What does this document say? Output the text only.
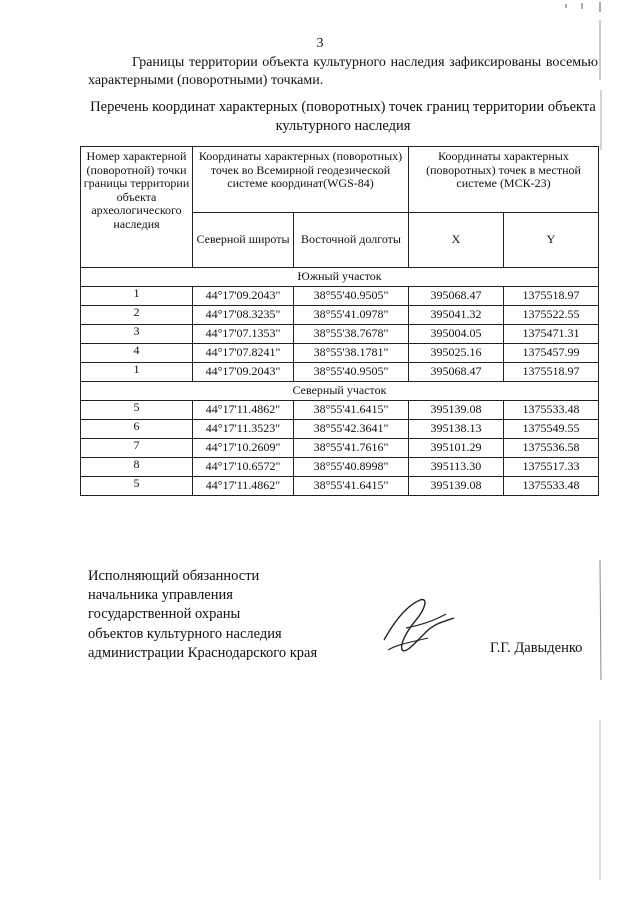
3

Границы территории объекта культурного наследия зафиксированы восемью характерными (поворотными) точками.

Перечень координат характерных (поворотных) точек границ территории объекта культурного наследия
Номер характерной (поворотной) точки границы территории объекта археологического наследия	Координаты характерных (поворотных) точек во Всемирной геодезической системе координат(WGS-84)		Координаты характерных (поворотных) точек в местной системе (МСК-23)	
	Северной широты	Восточной долготы	X	Y
Южный участок				
1	44°17'09.2043"	38°55'40.9505"	395068.47	1375518.97
2	44°17'08.3235"	38°55'41.0978"	395041.32	1375522.55
3	44°17'07.1353"	38°55'38.7678"	395004.05	1375471.31
4	44°17'07.8241"	38°55'38.1781"	395025.16	1375457.99
1	44°17'09.2043"	38°55'40.9505"	395068.47	1375518.97
Северный участок				
5	44°17'11.4862"	38°55'41.6415"	395139.08	1375533.48
6	44°17'11.3523"	38°55'42.3641"	395138.13	1375549.55
7	44°17'10.2609"	38°55'41.7616"	395101.29	1375536.58
8	44°17'10.6572"	38°55'40.8998"	395113.30	1375517.33
5	44°17'11.4862"	38°55'41.6415"	395139.08	1375533.48
Исполняющий обязанности
начальника управления
государственной охраны
объектов культурного наследия
администрации Краснодарского края	Г.Г. Давыденко
